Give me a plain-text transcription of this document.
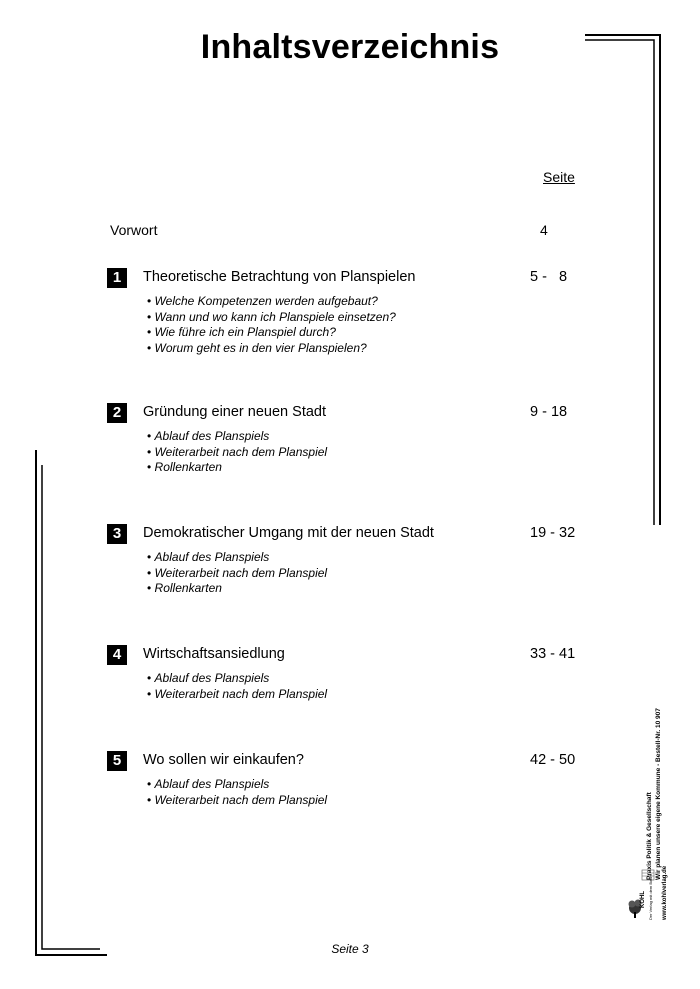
Inhaltsverzeichnis
Seite
Vorwort	4
1	Theoretische Betrachtung von Planspielen	5 -   8
• Welche Kompetenzen werden aufgebaut?
• Wann und wo kann ich Planspiele einsetzen?
• Wie führe ich ein Planspiel durch?
• Worum geht es in den vier Planspielen?
2	Gründung einer neuen Stadt	9 - 18
• Ablauf des Planspiels
• Weiterarbeit nach dem Planspiel
• Rollenkarten
3	Demokratischer Umgang mit der neuen Stadt	19 - 32
• Ablauf des Planspiels
• Weiterarbeit nach dem Planspiel
• Rollenkarten
4	Wirtschaftsansiedlung	33 - 41
• Ablauf des Planspiels
• Weiterarbeit nach dem Planspiel
5	Wo sollen wir einkaufen?	42 - 50
• Ablauf des Planspiels
• Weiterarbeit nach dem Planspiel	Praxis Politik & Gesellschaft Wir planen unsere eigene Kommune - Bestell-Nr. 10 907
www.kohlverlag.de
KOHL Der Verlag mit dem Baum
Seite 3
